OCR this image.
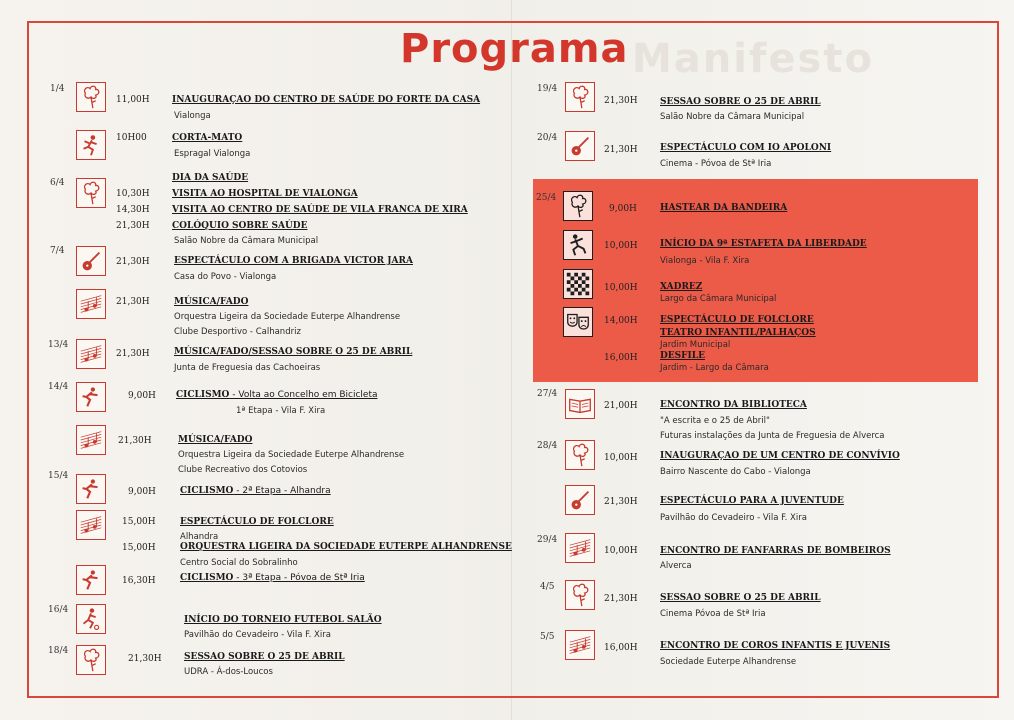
Manifesto
Programa
1/4
11,00H INAUGURAÇAO DO CENTRO DE SAÚDE DO FORTE DA CASA
Vialonga
10H00	CORTA-MATO
Espragal Vialonga
6/4	DIA DA SAÚDE
10,30H VISITA AO HOSPITAL DE VIALONGA
14,30H VISITA AO CENTRO DE SAÚDE DE VILA FRANCA DE XIRA
21,30H COLÓQUIO SOBRE SAÚDE
Salão Nobre da Câmara Municipal
7/4
21,30H	ESPECTÁCULO COM A BRIGADA VICTOR JARA
Casa do Povo - Vialonga
21,30H	MÚSICA/FADO
Orquestra Ligeira da Sociedade Euterpe Alhandrense
Clube Desportivo - Calhandriz
13/4
21,30H	MÚSICA/FADO/SESSAO SOBRE O 25 DE ABRIL
Junta de Freguesia das Cachoeiras
14/4
9,00H CICLISMO - Volta ao Concelho em Bicicleta
1ª Etapa - Vila F. Xira
21,30H	MÚSICA/FADO
Orquestra Ligeira da Sociedade Euterpe Alhandrense
Clube Recreativo dos Cotovios
15/4
9,00H	CICLISMO - 2ª Etapa - Alhandra
15,00H	ESPECTÁCULO DE FOLCLORE
Alhandra
15,00H	ORQUESTRA LIGEIRA DA SOCIEDADE EUTERPE ALHANDRENSE
Centro Social do Sobralinho
16,30H	CICLISMO - 3ª Etapa - Póvoa de Stª Iria
16/4
INÍCIO DO TORNEIO FUTEBOL SALÃO
Pavilhão do Cevadeiro - Vila F. Xira
18/4
21,30H SESSAO SOBRE O 25 DE ABRIL
UDRA - Á-dos-Loucos
19/4
21,30H SESSAO SOBRE O 25 DE ABRIL
Salão Nobre da Câmara Municipal
20/4
21,30H ESPECTÁCULO COM IO APOLONI
Cinema - Póvoa de Stª Iria
25/4
9,00H	HASTEAR DA BANDEIRA
10,00H INÍCIO DA 9ª ESTAFETA DA LIBERDADE
Vialonga - Vila F. Xira
10,00H XADREZ
Largo da Câmara Municipal
14,00H ESPECTÁCULO DE FOLCLORE
TEATRO INFANTIL/PALHAÇOS
Jardim Municipal
16,00H DESFILE
Jardim - Largo da Câmara
27/4
21,00H ENCONTRO DA BIBLIOTECA
"A escrita e o 25 de Abril"
Futuras instalações da Junta de Freguesia de Alverca
28/4
10,00H INAUGURAÇAO DE UM CENTRO DE CONVÍVIO
Bairro Nascente do Cabo - Vialonga
21,30H ESPECTÁCULO PARA A JUVENTUDE
Pavilhão do Cevadeiro - Vila F. Xira
29/4
10,00H ENCONTRO DE FANFARRAS DE BOMBEIROS
Alverca
4/5
21,30H SESSAO SOBRE O 25 DE ABRIL
Cinema Póvoa de Stª Iria
5/5
16,00H ENCONTRO DE COROS INFANTIS E JUVENIS
Sociedade Euterpe Alhandrense
